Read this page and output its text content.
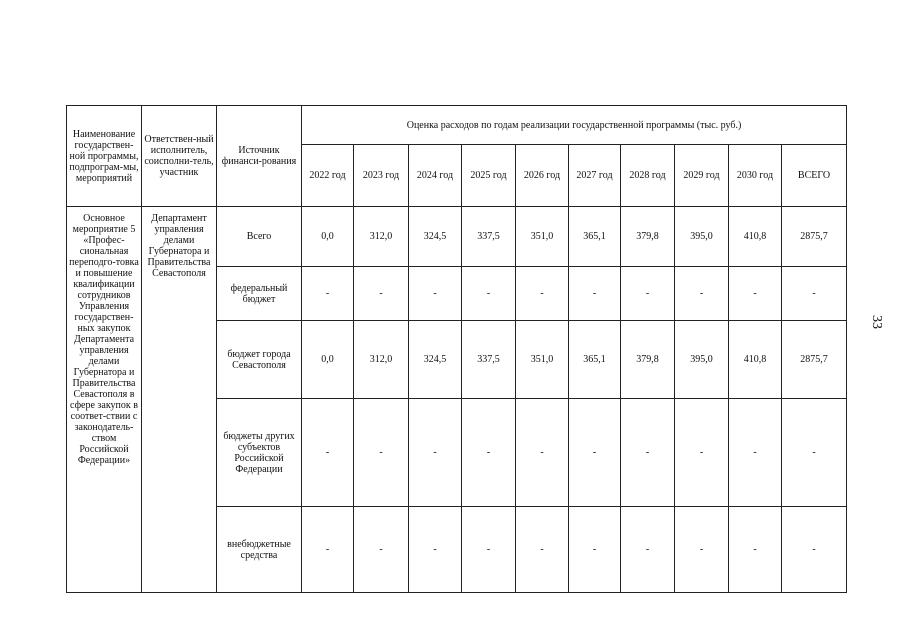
Наименование государствен-ной программы, подпрограм-мы, мероприятий	Ответствен-ный исполнитель, соисполни-тель, участник	Источник финанси-рования	Оценка расходов по годам реализации государственной программы (тыс. руб.)									
			2022 год	2023 год	2024 год	2025 год	2026 год	2027 год	2028 год	2029 год	2030 год	ВСЕГО
Основное мероприятие 5 «Профес-сиональная переподго-товка и повышение квалификации сотрудников Управления государствен-ных закупок Департамента управления делами Губернатора и Правительства Севастополя в сфере закупок в соответ-ствии с законодатель-ством Российской Федерации»	Департамент управления делами Губернатора и Правительства Севастополя	Всего	0,0	312,0	324,5	337,5	351,0	365,1	379,8	395,0	410,8	2875,7
		федеральный бюджет	-	-	-	-	-	-	-	-	-	-
		бюджет города Севастополя	0,0	312,0	324,5	337,5	351,0	365,1	379,8	395,0	410,8	2875,7
		бюджеты других субъектов Российской Федерации	-	-	-	-	-	-	-	-	-	-
		внебюджетные средства	-	-	-	-	-	-	-	-	-	-
33
